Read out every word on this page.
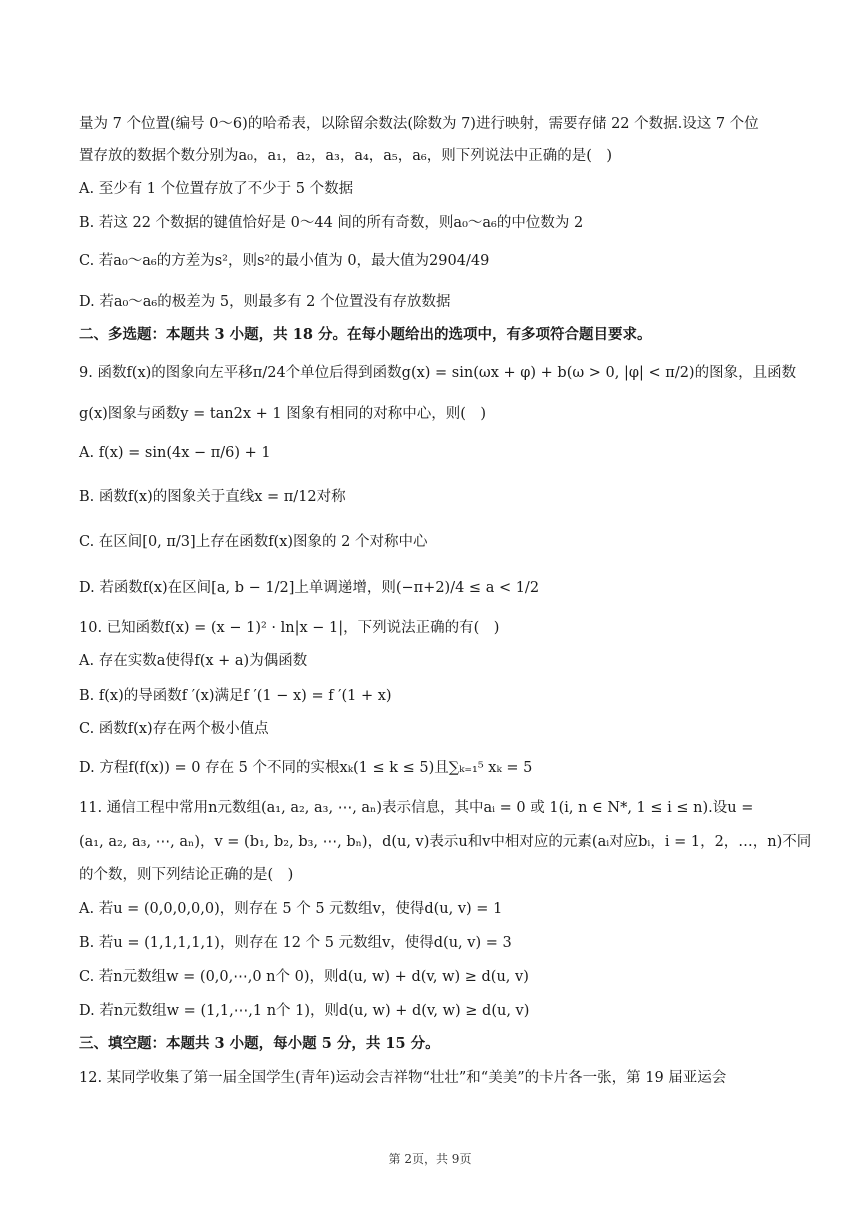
量为 7 个位置(编号 0～6)的哈希表，以除留余数法(除数为 7)进行映射，需要存储 22 个数据.设这 7 个位
置存放的数据个数分别为a₀，a₁，a₂，a₃，a₄，a₅，a₆，则下列说法中正确的是(　)
A. 至少有 1 个位置存放了不少于 5 个数据
B. 若这 22 个数据的键值恰好是 0～44 间的所有奇数，则a₀～a₆的中位数为 2
C. 若a₀～a₆的方差为s²，则s²的最小值为 0，最大值为2904/49
D. 若a₀～a₆的极差为 5，则最多有 2 个位置没有存放数据
二、多选题：本题共 3 小题，共 18 分。在每小题给出的选项中，有多项符合题目要求。
9. 函数f(x)的图象向左平移π/24个单位后得到函数g(x) = sin(ωx + φ) + b(ω > 0, |φ| < π/2)的图象，且函数
g(x)图象与函数y = tan2x + 1 图象有相同的对称中心，则(　)
A. f(x) = sin(4x − π/6) + 1
B. 函数f(x)的图象关于直线x = π/12对称
C. 在区间[0, π/3]上存在函数f(x)图象的 2 个对称中心
D. 若函数f(x)在区间[a, b − 1/2]上单调递增，则(−π+2)/4 ≤ a < 1/2
10. 已知函数f(x) = (x − 1)² · ln|x − 1|，下列说法正确的有(　)
A. 存在实数a使得f(x + a)为偶函数
B. f(x)的导函数f ′(x)满足f ′(1 − x) = f ′(1 + x)
C. 函数f(x)存在两个极小值点
D. 方程f(f(x)) = 0 存在 5 个不同的实根xₖ(1 ≤ k ≤ 5)且∑ₖ₌₁⁵ xₖ = 5
11. 通信工程中常用n元数组(a₁, a₂, a₃, ⋯, aₙ)表示信息，其中aᵢ = 0 或 1(i, n ∈ N*, 1 ≤ i ≤ n).设u =
(a₁, a₂, a₃, ⋯, aₙ)，v = (b₁, b₂, b₃, ⋯, bₙ)，d(u, v)表示u和v中相对应的元素(aᵢ对应bᵢ，i = 1，2，…，n)不同
的个数，则下列结论正确的是(　)
A. 若u = (0,0,0,0,0)，则存在 5 个 5 元数组v，使得d(u, v) = 1
B. 若u = (1,1,1,1,1)，则存在 12 个 5 元数组v，使得d(u, v) = 3
C. 若n元数组w = (0,0,⋯,0 n个 0)，则d(u, w) + d(v, w) ≥ d(u, v)
D. 若n元数组w = (1,1,⋯,1 n个 1)，则d(u, w) + d(v, w) ≥ d(u, v)
三、填空题：本题共 3 小题，每小题 5 分，共 15 分。
12. 某同学收集了第一届全国学生(青年)运动会吉祥物“壮壮”和“美美”的卡片各一张，第 19 届亚运会
第 2页，共 9页
